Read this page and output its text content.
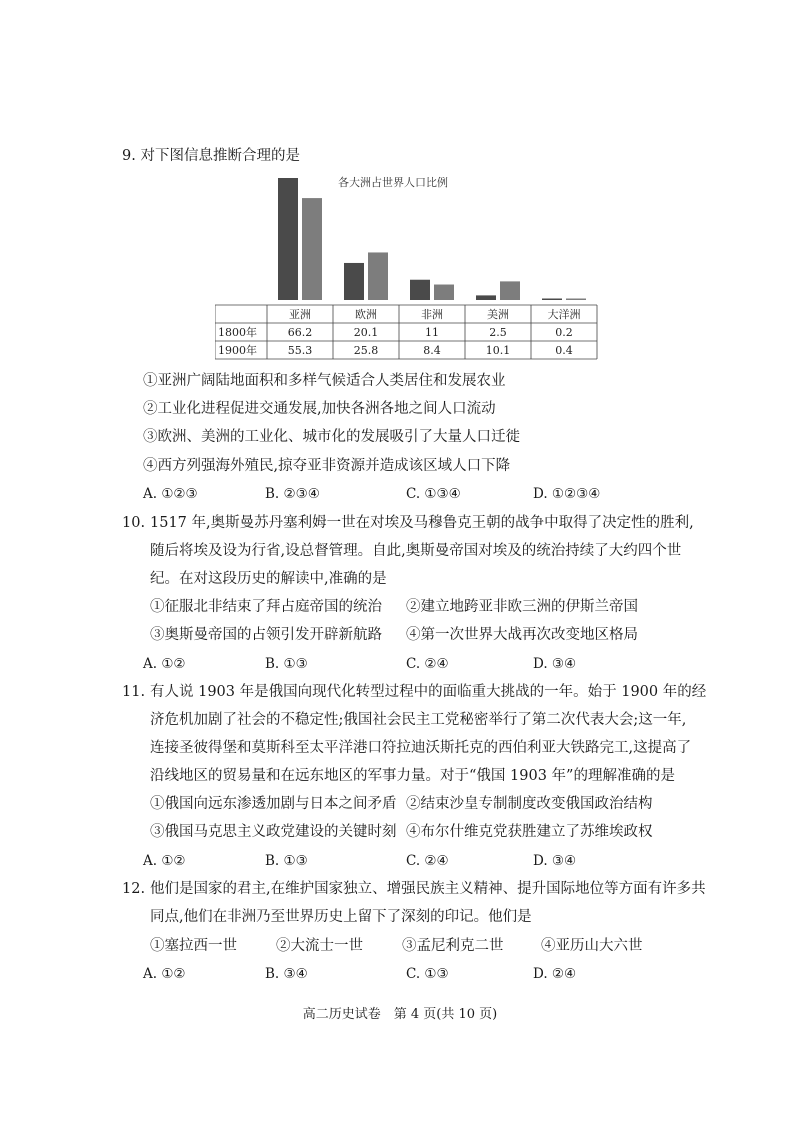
9. 对下图信息推断合理的是
各大洲占世界人口比例
亚洲	欧洲	非洲	美洲	大洋洲
1800年	66.2	20.1	11	2.5	0.2
1900年	55.3	25.8	8.4	10.1	0.4
①亚洲广阔陆地面积和多样气候适合人类居住和发展农业
②工业化进程促进交通发展,加快各洲各地之间人口流动
③欧洲、美洲的工业化、城市化的发展吸引了大量人口迁徙
④西方列强海外殖民,掠夺亚非资源并造成该区域人口下降
A. ①②③	B. ②③④	C. ①③④	D. ①②③④
10. 1517 年,奥斯曼苏丹塞利姆一世在对埃及马穆鲁克王朝的战争中取得了决定性的胜利,
随后将埃及设为行省,设总督管理。自此,奥斯曼帝国对埃及的统治持续了大约四个世
纪。在对这段历史的解读中,准确的是
①征服北非结束了拜占庭帝国的统治 ②建立地跨亚非欧三洲的伊斯兰帝国
③奥斯曼帝国的占领引发开辟新航路 ④第一次世界大战再次改变地区格局
A. ①②	B. ①③	C. ②④	D. ③④
11. 有人说 1903 年是俄国向现代化转型过程中的面临重大挑战的一年。始于 1900 年的经
济危机加剧了社会的不稳定性;俄国社会民主工党秘密举行了第二次代表大会;这一年,
连接圣彼得堡和莫斯科至太平洋港口符拉迪沃斯托克的西伯利亚大铁路完工,这提高了
沿线地区的贸易量和在远东地区的军事力量。对于“俄国 1903 年”的理解准确的是
①俄国向远东渗透加剧与日本之间矛盾 ②结束沙皇专制制度改变俄国政治结构
③俄国马克思主义政党建设的关键时刻 ④布尔什维克党获胜建立了苏维埃政权
A. ①②	B. ①③	C. ②④	D. ③④
12. 他们是国家的君主,在维护国家独立、增强民族主义精神、提升国际地位等方面有许多共
同点,他们在非洲乃至世界历史上留下了深刻的印记。他们是
①塞拉西一世	②大流士一世	③孟尼利克二世	④亚历山大六世
A. ①②	B. ③④	C. ①③	D. ②④
高二历史试卷　第 4 页(共 10 页)
